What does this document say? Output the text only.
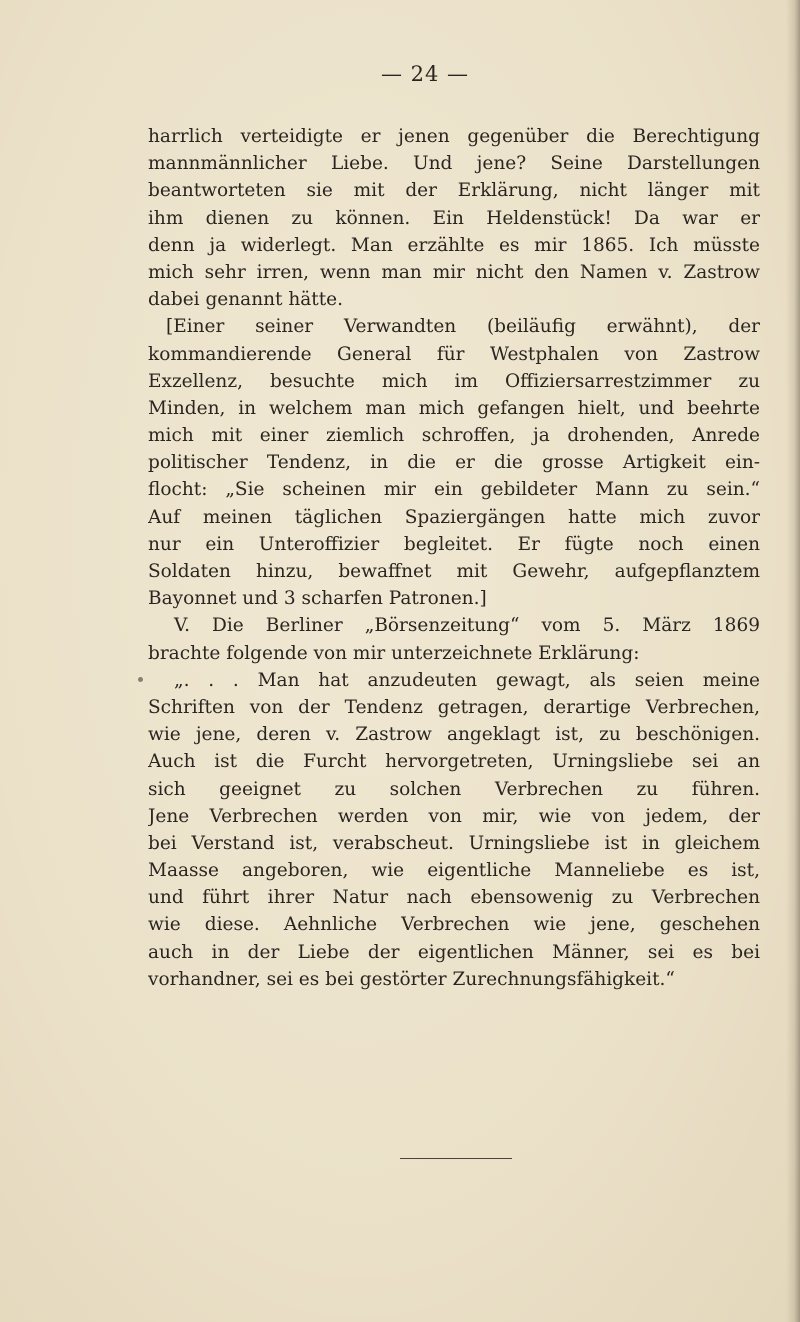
— 24 —
harrlich verteidigte er jenen gegenüber die Berechtigung
mannmännlicher Liebe. Und jene? Seine Darstellungen
beantworteten sie mit der Erklärung, nicht länger mit
ihm dienen zu können. Ein Heldenstück! Da war er
denn ja widerlegt. Man erzählte es mir 1865. Ich müsste
mich sehr irren, wenn man mir nicht den Namen v. Zastrow
dabei genannt hätte.
[Einer seiner Verwandten (beiläufig erwähnt), der
kommandierende General für Westphalen von Zastrow
Exzellenz, besuchte mich im Offiziersarrestzimmer zu
Minden, in welchem man mich gefangen hielt, und beehrte
mich mit einer ziemlich schroffen, ja drohenden, Anrede
politischer Tendenz, in die er die grosse Artigkeit ein-
flocht: „Sie scheinen mir ein gebildeter Mann zu sein.“
Auf meinen täglichen Spaziergängen hatte mich zuvor
nur ein Unteroffizier begleitet. Er fügte noch einen
Soldaten hinzu, bewaffnet mit Gewehr, aufgepflanztem
Bayonnet und 3 scharfen Patronen.]
V. Die Berliner „Börsenzeitung“ vom 5. März 1869
brachte folgende von mir unterzeichnete Erklärung:
„. . . Man hat anzudeuten gewagt, als seien meine
Schriften von der Tendenz getragen, derartige Verbrechen,
wie jene, deren v. Zastrow angeklagt ist, zu beschönigen.
Auch ist die Furcht hervorgetreten, Urningsliebe sei an
sich geeignet zu solchen Verbrechen zu führen.
Jene Verbrechen werden von mir, wie von jedem, der
bei Verstand ist, verabscheut. Urningsliebe ist in gleichem
Maasse angeboren, wie eigentliche Manneliebe es ist,
und führt ihrer Natur nach ebensowenig zu Verbrechen
wie diese. Aehnliche Verbrechen wie jene, geschehen
auch in der Liebe der eigentlichen Männer, sei es bei
vorhandner, sei es bei gestörter Zurechnungsfähigkeit.“
